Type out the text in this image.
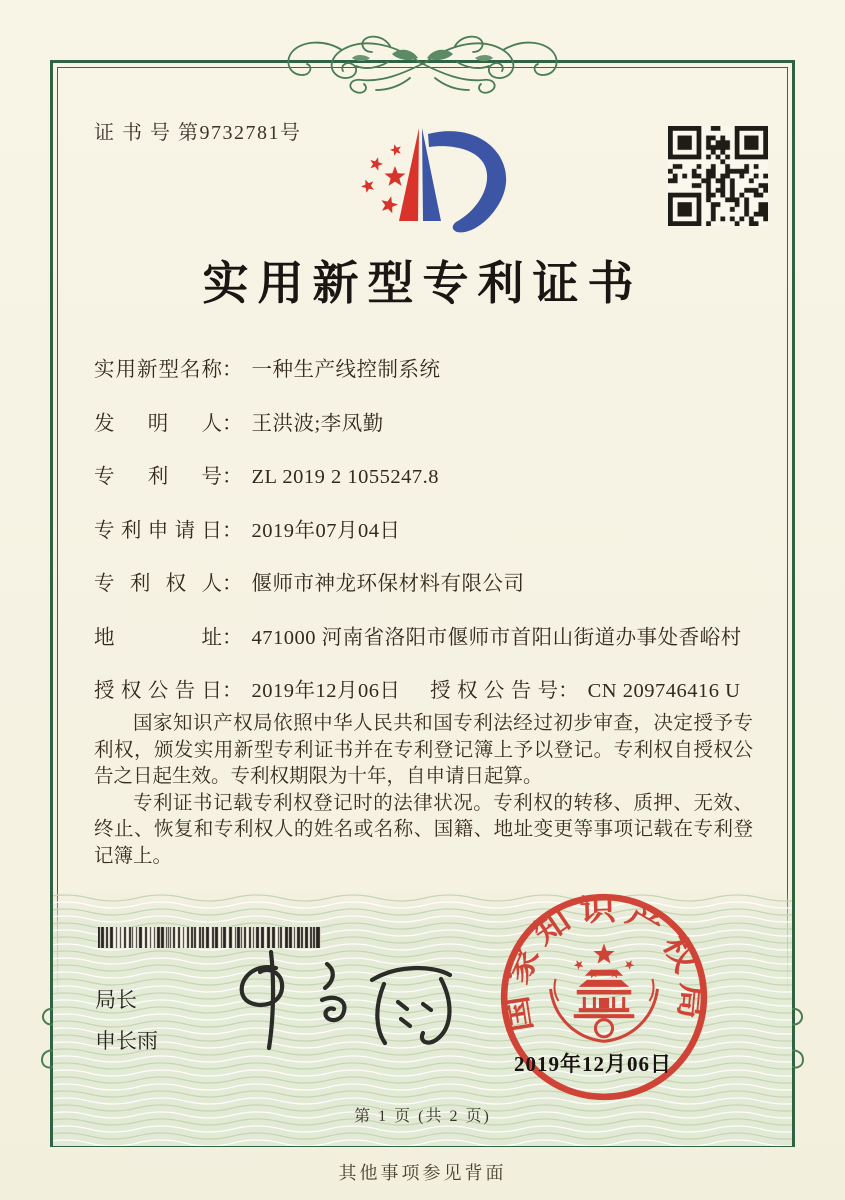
证 书 号 第9732781号
实用新型专利证书
实用新型名称： 一种生产线控制系统
发明人： 王洪波;李凤勤
专利号： ZL 2019 2 1055247.8
专利申请日： 2019年07月04日
专利权人： 偃师市神龙环保材料有限公司
地址： 471000 河南省洛阳市偃师市首阳山街道办事处香峪村
授权公告日： 2019年12月06日 授权公告号： CN 209746416 U

国家知识产权局依照中华人民共和国专利法经过初步审查，决定授予专利权，颁发实用新型专利证书并在专利登记簿上予以登记。专利权自授权公告之日起生效。专利权期限为十年，自申请日起算。

专利证书记载专利权登记时的法律状况。专利权的转移、质押、无效、终止、恢复和专利权人的姓名或名称、国籍、地址变更等事项记载在专利登记簿上。

局长
申长雨
国家知识产权局
2019年12月06日
第 1 页 (共 2 页)
其他事项参见背面
